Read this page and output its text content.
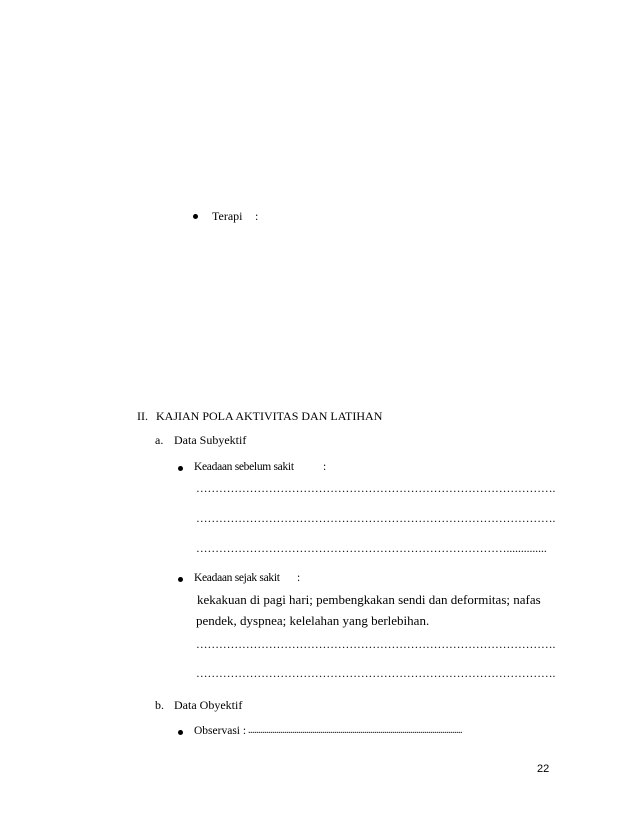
Terapi :
II. KAJIAN POLA AKTIVITAS DAN LATIHAN
a. Data Subyektif
Keadaan sebelum sakit	:
………………………………………………………………………………….
………………………………………………………………………………….
………………………………………………………………………..............
Keadaan sejak sakit :
kekakuan di pagi hari; pembengkakan sendi dan deformitas; nafas
pendek, dyspnea; kelelahan yang berlebihan.
………………………………………………………………………………….
………………………………………………………………………………….
b. Data Obyektif
Observasi : ...........................................................................................................
22
